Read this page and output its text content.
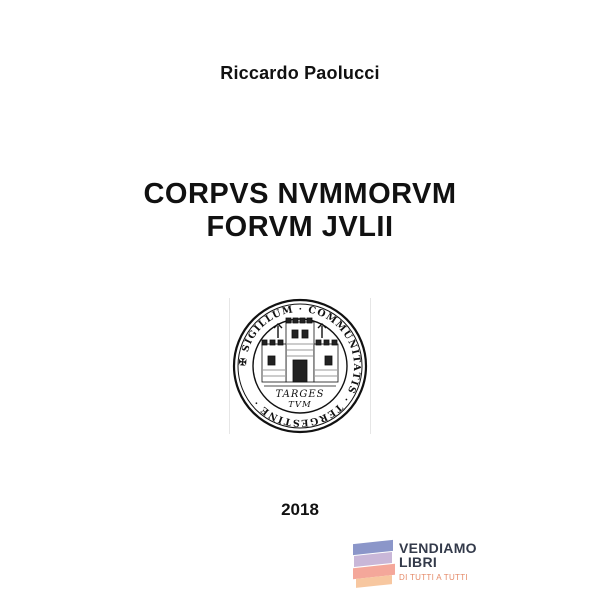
Riccardo Paolucci
CORPVS NVMMORVM
FORVM JVLII
✠ SIGILLUM · COMMUNITATIS · TERGESTINE ·
TARGES
TVM
2018
VENDIAMO
LIBRI
DI TUTTI A TUTTI
